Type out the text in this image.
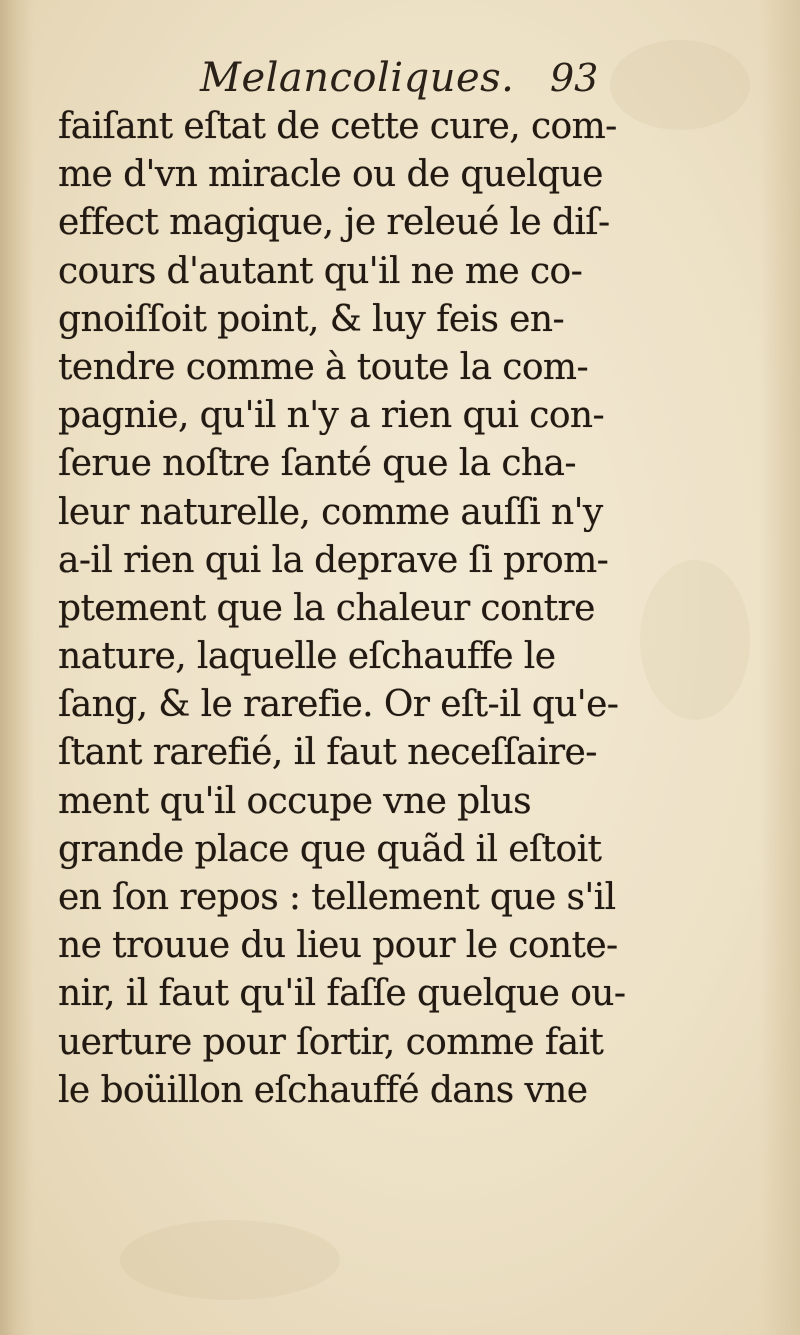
Melancoliques. 93
faiſant eſtat de cette cure, com-
me d'vn miracle ou de quelque
effect magique, je releué le diſ-
cours d'autant qu'il ne me co-
gnoiſſoit point, & luy feis en-
tendre comme à toute la com-
pagnie, qu'il n'y a rien qui con-
ſerue noſtre ſanté que la cha-
leur naturelle, comme auſſi n'y
a-il rien qui la deprave ſi prom-
ptement que la chaleur contre
nature, laquelle eſchauffe le
ſang, & le rarefie. Or eſt-il qu'e-
ſtant rarefié, il faut neceſſaire-
ment qu'il occupe vne plus
grande place que quãd il eſtoit
en ſon repos : tellement que s'il
ne trouue du lieu pour le conte-
nir, il faut qu'il faſſe quelque ou-
uerture pour ſortir, comme fait
le boüillon eſchauffé dans vne
